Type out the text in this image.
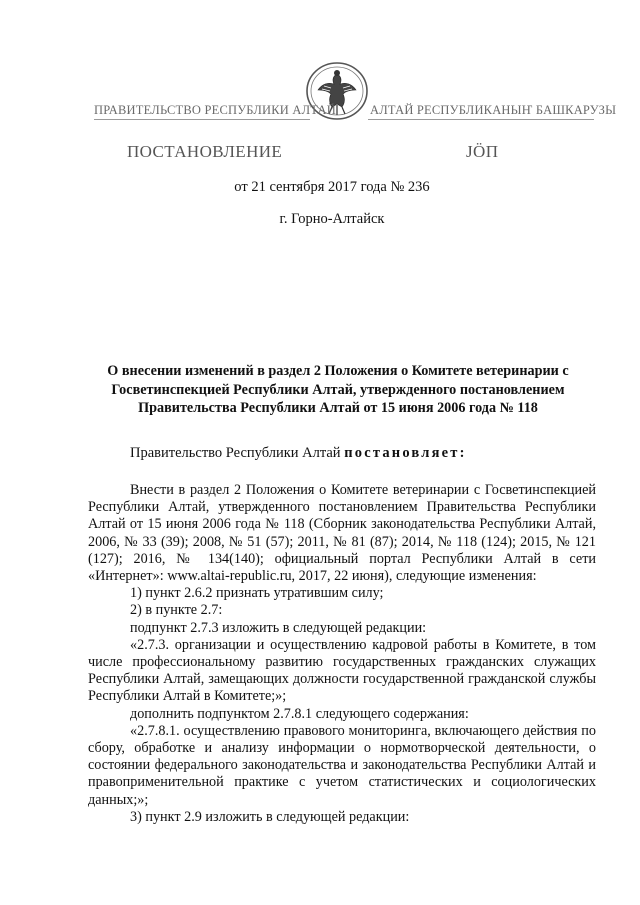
ПРАВИТЕЛЬСТВО РЕСПУБЛИКИ АЛТАЙ	АЛТАЙ РЕСПУБЛИКАНЫҤ БАШКАРУЗЫ
ПОСТАНОВЛЕНИЕ	ЈӦП
от 21 сентября 2017 года № 236
г. Горно-Алтайск
О внесении изменений в раздел 2 Положения о Комитете ветеринарии с Госветинспекцией Республики Алтай, утвержденного постановлением Правительства Республики Алтай от 15 июня 2006 года № 118
Правительство Республики Алтай постановляет:

Внести в раздел 2 Положения о Комитете ветеринарии с Госветинспекцией Республики Алтай, утвержденного постановлением Правительства Республики Алтай от 15 июня 2006 года № 118 (Сборник законодательства Республики Алтай, 2006, № 33 (39); 2008, № 51 (57); 2011, № 81 (87); 2014, № 118 (124); 2015, № 121 (127); 2016, № 134(140); официальный портал Республики Алтай в сети «Интернет»: www.altai-republic.ru, 2017, 22 июня), следующие изменения:

1) пункт 2.6.2 признать утратившим силу;

2) в пункте 2.7:

подпункт 2.7.3 изложить в следующей редакции:

«2.7.3. организации и осуществлению кадровой работы в Комитете, в том числе профессиональному развитию государственных гражданских служащих Республики Алтай, замещающих должности государственной гражданской службы Республики Алтай в Комитете;»;

дополнить подпунктом 2.7.8.1 следующего содержания:

«2.7.8.1. осуществлению правового мониторинга, включающего действия по сбору, обработке и анализу информации о нормотворческой деятельности, о состоянии федерального законодательства и законодательства Республики Алтай и правоприменительной практике с учетом статистических и социологических данных;»;

3) пункт 2.9 изложить в следующей редакции:
